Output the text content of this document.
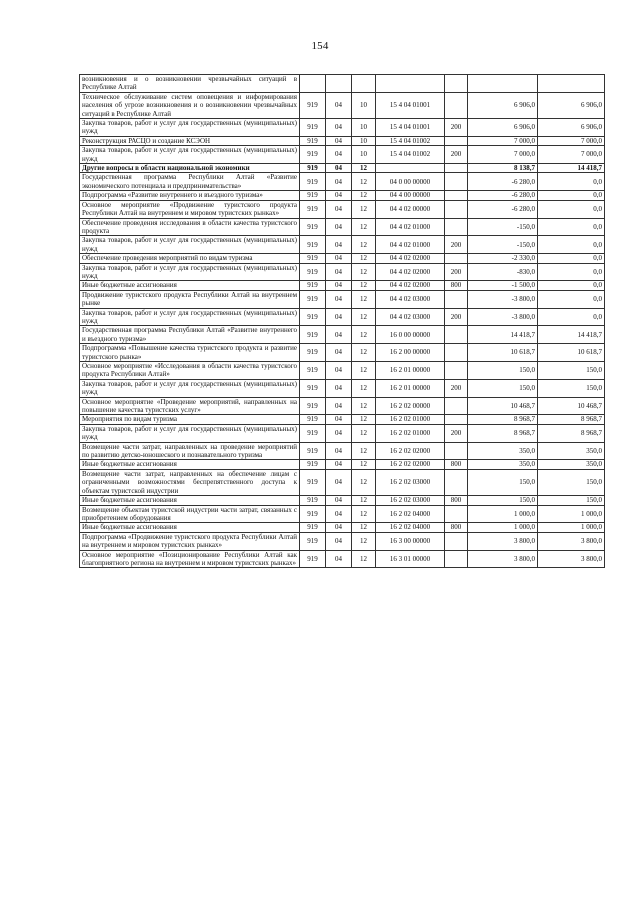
154
возникновения и о возникновении чрезвычайных ситуаций в Республике Алтай							
Техническое обслуживание систем оповещения и информирования населения об угрозе возникновения и о возникновении чрезвычайных ситуаций в Республике Алтай	919	04	10	15 4 04 01001		6 906,0	6 906,0
Закупка товаров, работ и услуг для государственных (муниципальных) нужд	919	04	10	15 4 04 01001	200	6 906,0	6 906,0
Реконструкция РАСЦО и создание КСЭОН	919	04	10	15 4 04 01002		7 000,0	7 000,0
Закупка товаров, работ и услуг для государственных (муниципальных) нужд	919	04	10	15 4 04 01002	200	7 000,0	7 000,0
Другие вопросы в области национальной экономики	919	04	12			8 138,7	14 418,7
Государственная программа Республики Алтай «Развитие экономического потенциала и предпринимательства»	919	04	12	04 0 00 00000		-6 280,0	0,0
Подпрограмма «Развитие внутреннего и въездного туризма»	919	04	12	04 4 00 00000		-6 280,0	0,0
Основное мероприятие «Продвижение туристского продукта Республики Алтай на внутреннем и мировом туристских рынках»	919	04	12	04 4 02 00000		-6 280,0	0,0
Обеспечение проведения исследования в области качества туристского продукта	919	04	12	04 4 02 01000		-150,0	0,0
Закупка товаров, работ и услуг для государственных (муниципальных) нужд	919	04	12	04 4 02 01000	200	-150,0	0,0
Обеспечение проведения мероприятий по видам туризма	919	04	12	04 4 02 02000		-2 330,0	0,0
Закупка товаров, работ и услуг для государственных (муниципальных) нужд	919	04	12	04 4 02 02000	200	-830,0	0,0
Иные бюджетные ассигнования	919	04	12	04 4 02 02000	800	-1 500,0	0,0
Продвижение туристского продукта Республики Алтай на внутреннем рынке	919	04	12	04 4 02 03000		-3 800,0	0,0
Закупка товаров, работ и услуг для государственных (муниципальных) нужд	919	04	12	04 4 02 03000	200	-3 800,0	0,0
Государственная программа Республики Алтай «Развитие внутреннего и въездного туризма»	919	04	12	16 0 00 00000		14 418,7	14 418,7
Подпрограмма «Повышение качества туристского продукта и развитие туристского рынка»	919	04	12	16 2 00 00000		10 618,7	10 618,7
Основное мероприятие «Исследования в области качества туристского продукта Республики Алтай»	919	04	12	16 2 01 00000		150,0	150,0
Закупка товаров, работ и услуг для государственных (муниципальных) нужд	919	04	12	16 2 01 00000	200	150,0	150,0
Основное мероприятие «Проведение мероприятий, направленных на повышение качества туристских услуг»	919	04	12	16 2 02 00000		10 468,7	10 468,7
Мероприятия по видам туризма	919	04	12	16 2 02 01000		8 968,7	8 968,7
Закупка товаров, работ и услуг для государственных (муниципальных) нужд	919	04	12	16 2 02 01000	200	8 968,7	8 968,7
Возмещение части затрат, направленных на проведение мероприятий по развитию детско-юношеского и познавательного туризма	919	04	12	16 2 02 02000		350,0	350,0
Иные бюджетные ассигнования	919	04	12	16 2 02 02000	800	350,0	350,0
Возмещение части затрат, направленных на обеспечение лицам с ограниченными возможностями беспрепятственного доступа к объектам туристской индустрии	919	04	12	16 2 02 03000		150,0	150,0
Иные бюджетные ассигнования	919	04	12	16 2 02 03000	800	150,0	150,0
Возмещение объектам туристской индустрии части затрат, связанных с приобретением оборудования	919	04	12	16 2 02 04000		1 000,0	1 000,0
Иные бюджетные ассигнования	919	04	12	16 2 02 04000	800	1 000,0	1 000,0
Подпрограмма «Продвижение туристского продукта Республики Алтай на внутреннем и мировом туристских рынках»	919	04	12	16 3 00 00000		3 800,0	3 800,0
Основное мероприятие «Позиционирование Республики Алтай как благоприятного региона на внутреннем и мировом туристских рынках»	919	04	12	16 3 01 00000		3 800,0	3 800,0
